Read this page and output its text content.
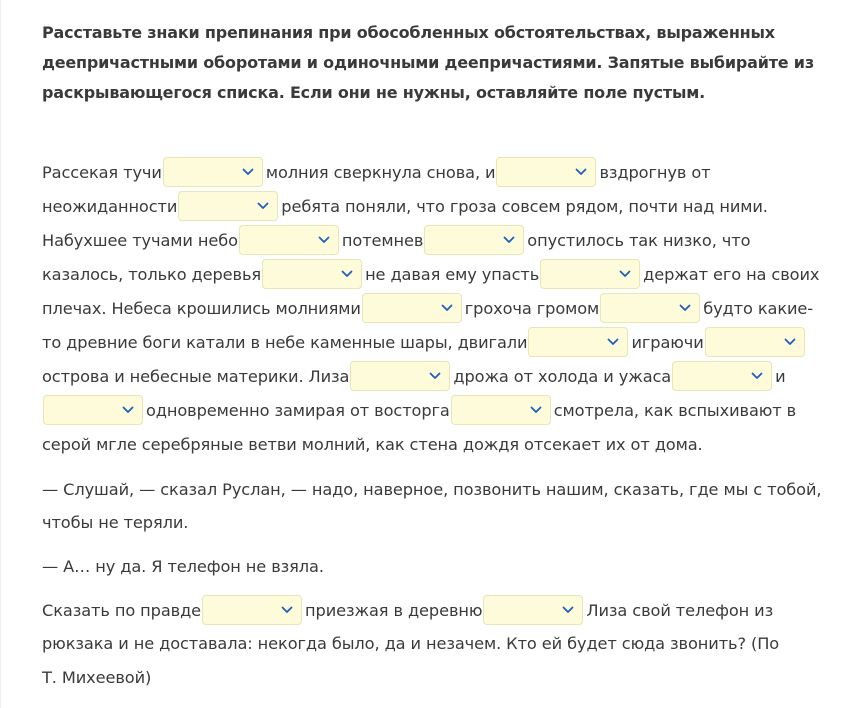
Расставьте знаки препинания при обособленных обстоятельствах, выраженных деепричастными оборотами и одиночными деепричастиями. Запятые выбирайте из раскрывающегося списка. Если они не нужны, оставляйте поле пустым.

Рассекая тучи	молния сверкнула снова, и	вздрогнув от
неожиданности	ребята поняли, что гроза совсем рядом, почти над ними.
Набухшее тучами небо	потемнев	опустилось так низко, что
казалось, только деревья	не давая ему упасть	держат его на своих
плечах. Небеса крошились молниями	грохоча громом	будто какие-
то древние боги катали в небе каменные шары, двигали	играючи
острова и небесные материки. Лиза	дрожа от холода и ужаса	и
одновременно замирая от восторга	смотрела, как вспыхивают в
серой мгле серебряные ветви молний, как стена дождя отсекает их от дома.
— Слушай, — сказал Руслан, — надо, наверное, позвонить нашим, сказать, где мы с тобой,
чтобы не теряли.
— А… ну да. Я телефон не взяла.
Сказать по правде	приезжая в деревню	Лиза свой телефон из
рюкзака и не доставала: некогда было, да и незачем. Кто ей будет сюда звонить? (По
Т. Михеевой)
